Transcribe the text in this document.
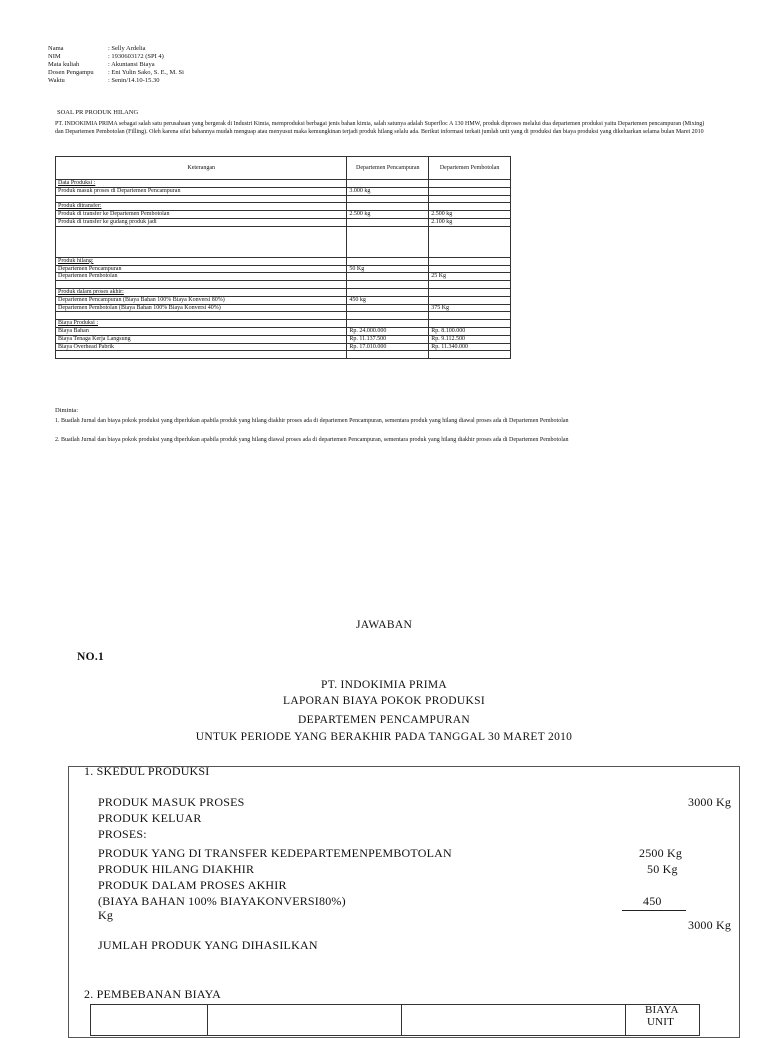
Nama	: Selly Ardelia
NIM	: 19306031?2 (SPI 4)
Mata kuliah	: Akuntansi Biaya
Dosen Pengampu : Eni Yulin Sako, S. E., M. Si
Waktu	: Senin/14.10-15.30
SOAL PR PRODUK HILANG
PT. INDOKIMIA PRIMA sebagai salah satu perusahaan yang bergerak di Industri Kimia, memproduksi berbagai jenis bahan kimia, salah satunya adalah Superfloc A 130 HMW, produk diproses melalui dua departemen produksi yaitu Departemen pencampuran (Mixing) dan Departemen Pembotolan (Filling). Oleh karena sifat bahannya mudah menguap atau menyusut maka kemungkinan terjadi produk hilang selalu ada. Berikut informasi terkait jumlah unit yang di produksi dan biaya produksi yang dikeluarkan selama bulan Maret 2010
Keterangan	Departemen Pencampuran	Departemen Pembotolan
Data Produksi :		
Produk masuk proses di Departemen Pencampuran	3.000 kg	

Produk ditransfer:		
Produk di transfer ke Departemen Pembotolan	2.500 kg	2.500 kg
Produk di transfer ke gudang produk jadi		2.100 kg

Produk hilang:		
Departemen Pencampuran	50 Kg	
Departemen Pembotolan		25 Kg

Produk dalam proses akhir:		
Departemen Pencampuran (Biaya Bahan 100% Biaya Konversi 80%)	450 kg	
Departemen Pembotolan (Biaya Bahan 100% Biaya Konversi 40%)		375 Kg

Biaya Produksi :		
Biaya Bahan	Rp. 24.000.000	Rp. 8.100.000
Biaya Tenaga Kerja Langsung	Rp. 11.137.500	Rp. 9.112.500
Biaya Overhead Pabrik	Rp. 17.010.000	Rp. 11.340.000

Diminta:
1. Buatlah Jurnal dan biaya pokok produksi yang diperlukan apabila produk yang hilang diakhir proses ada di departemen Pencampuran, sementara produk yang hilang diawal proses ada di Departemen Pembotolan
2. Buatlah Jurnal dan biaya pokok produksi yang diperlukan apabila produk yang hilang diawal proses ada di departemen Pencampuran, sementara produk yang hilang diakhir proses ada di Departemen Pembotolan
JAWABAN
NO.1
PT. INDOKIMIA PRIMA
LAPORAN BIAYA POKOK PRODUKSI
DEPARTEMEN PENCAMPURAN
UNTUK PERIODE YANG BERAKHIR PADA TANGGAL 30 MARET 2010
1. SKEDUL PRODUKSI
PRODUK MASUK PROSES	3000 Kg
PRODUK KELUAR
PROSES:
PRODUK YANG DI TRANSFER KEDEPARTEMENPEMBOTOLAN	2500 Kg
PRODUK HILANG DIAKHIR	50 Kg
PRODUK DALAM PROSES AKHIR
(BIAYA BAHAN 100% BIAYAKONVERSI80%)	450
Kg
3000 Kg
JUMLAH PRODUK YANG DIHASILKAN
2. PEMBEBANAN BIAYA
BIAYA
UNIT
